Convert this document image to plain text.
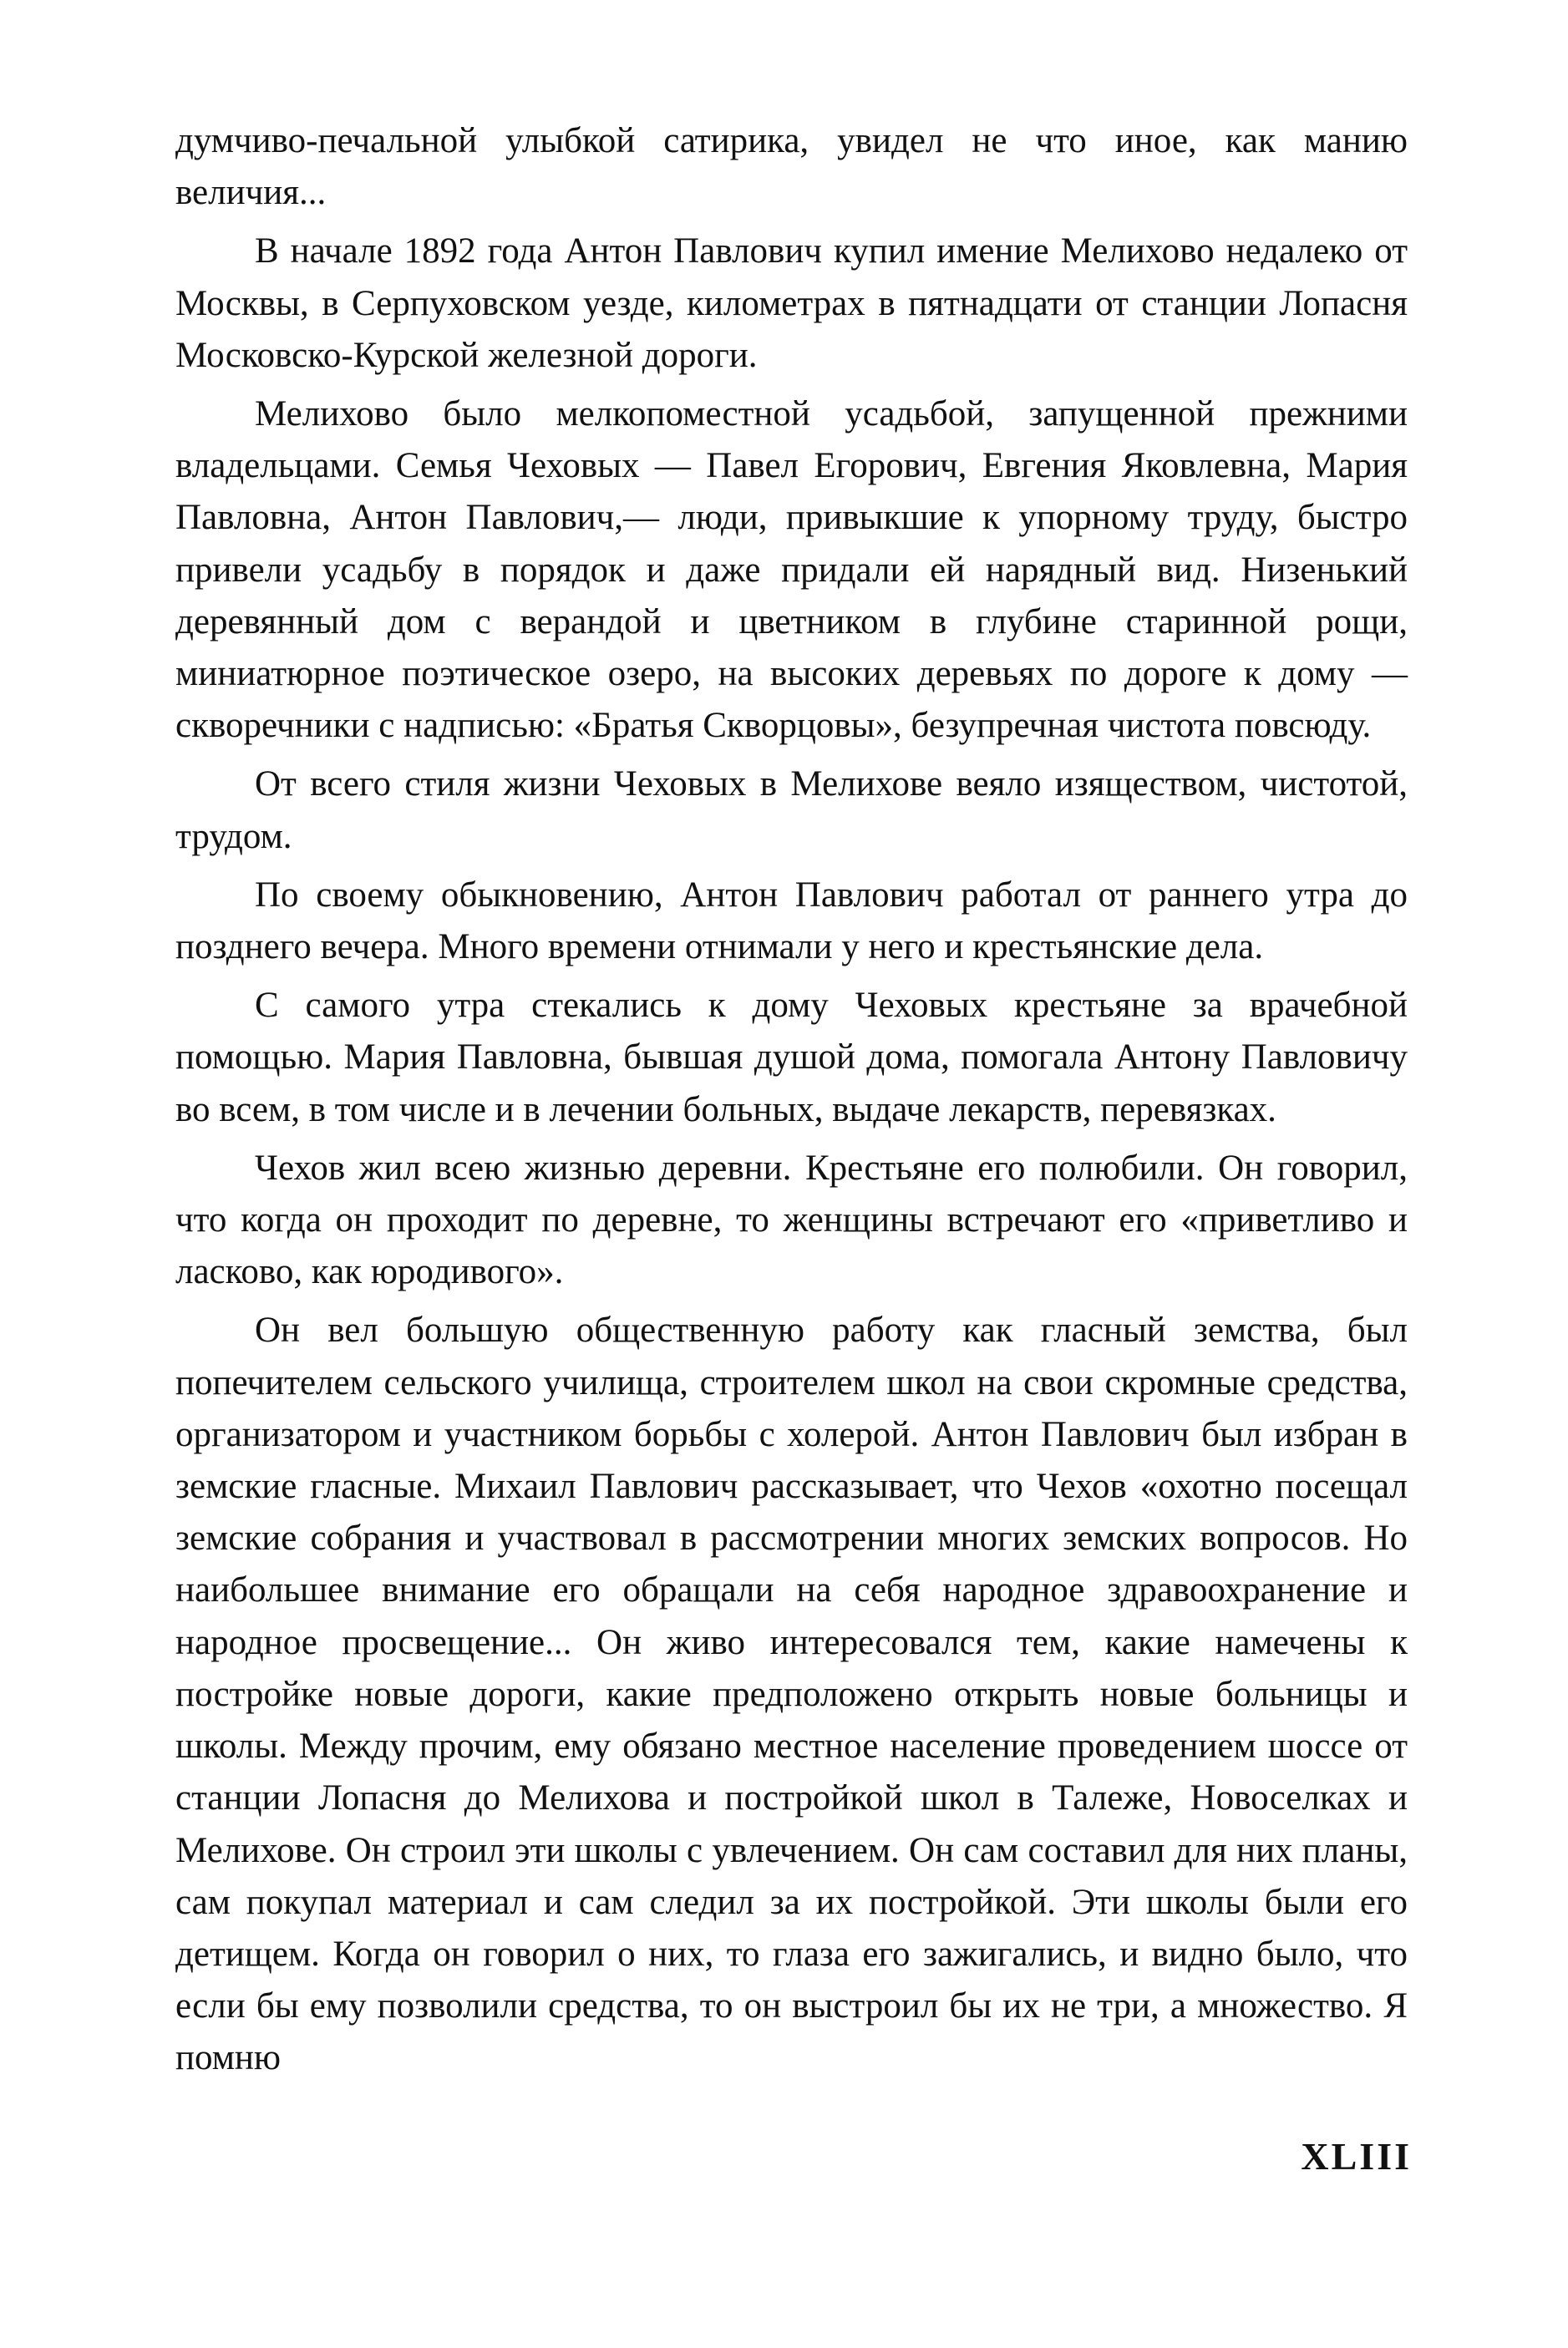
думчиво-печальной улыбкой сатирика, увидел не что иное, как манию величия...

В начале 1892 года Антон Павлович купил имение Мелихово недалеко от Москвы, в Серпуховском уезде, километрах в пятнадцати от станции Лопасня Московско-Курской железной дороги.

Мелихово было мелкопоместной усадьбой, запущенной прежними владельцами. Семья Чеховых — Павел Егорович, Евгения Яковлевна, Мария Павловна, Антон Павлович,— люди, привыкшие к упорному труду, быстро привели усадьбу в порядок и даже придали ей нарядный вид. Низенький деревянный дом с верандой и цветником в глубине старинной рощи, миниатюрное поэтическое озеро, на высоких деревьях по дороге к дому — скворечники с надписью: «Братья Скворцовы», безупречная чистота повсюду.

От всего стиля жизни Чеховых в Мелихове веяло изяществом, чистотой, трудом.

По своему обыкновению, Антон Павлович работал от раннего утра до позднего вечера. Много времени отнимали у него и крестьянские дела.

С самого утра стекались к дому Чеховых крестьяне за врачебной помощью. Мария Павловна, бывшая душой дома, помогала Антону Павловичу во всем, в том числе и в лечении больных, выдаче лекарств, перевязках.

Чехов жил всею жизнью деревни. Крестьяне его полюбили. Он говорил, что когда он проходит по деревне, то женщины встречают его «приветливо и ласково, как юродивого».

Он вел большую общественную работу как гласный земства, был попечителем сельского училища, строителем школ на свои скромные средства, организатором и участником борьбы с холерой. Антон Павлович был избран в земские гласные. Михаил Павлович рассказывает, что Чехов «охотно посещал земские собрания и участвовал в рассмотрении многих земских вопросов. Но наибольшее внимание его обращали на себя народное здравоохранение и народное просвещение... Он живо интересовался тем, какие намечены к постройке новые дороги, какие предположено открыть новые больницы и школы. Между прочим, ему обязано местное население проведением шоссе от станции Лопасня до Мелихова и постройкой школ в Талеже, Новоселках и Мелихове. Он строил эти школы с увлечением. Он сам составил для них планы, сам покупал материал и сам следил за их постройкой. Эти школы были его детищем. Когда он говорил о них, то глаза его зажигались, и видно было, что если бы ему позволили средства, то он выстроил бы их не три, а множество. Я помню

XLIII
